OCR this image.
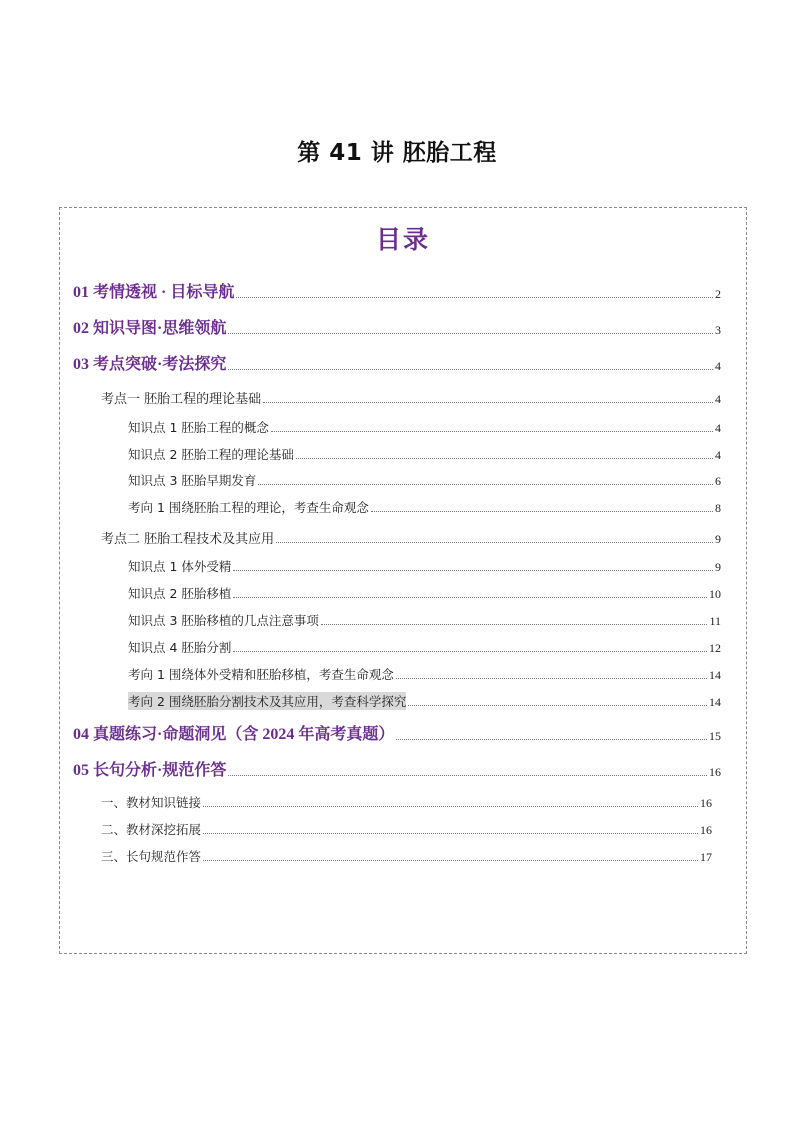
第 41 讲 胚胎工程
目录
01 考情透视 · 目标导航	2
02 知识导图·思维领航	3
03 考点突破·考法探究	4
考点一 胚胎工程的理论基础	4
知识点 1 胚胎工程的概念	4
知识点 2 胚胎工程的理论基础	4
知识点 3 胚胎早期发育	6
考向 1 围绕胚胎工程的理论，考查生命观念	8
考点二 胚胎工程技术及其应用	9
知识点 1 体外受精	9
知识点 2 胚胎移植	10
知识点 3 胚胎移植的几点注意事项	11
知识点 4 胚胎分割	12
考向 1 围绕体外受精和胚胎移植，考查生命观念	14
考向 2 围绕胚胎分割技术及其应用，考查科学探究	14
04 真题练习·命题洞见（含 2024 年高考真题）	15
05 长句分析·规范作答	16
一、教材知识链接	16
二、教材深挖拓展	16
三、长句规范作答	17
